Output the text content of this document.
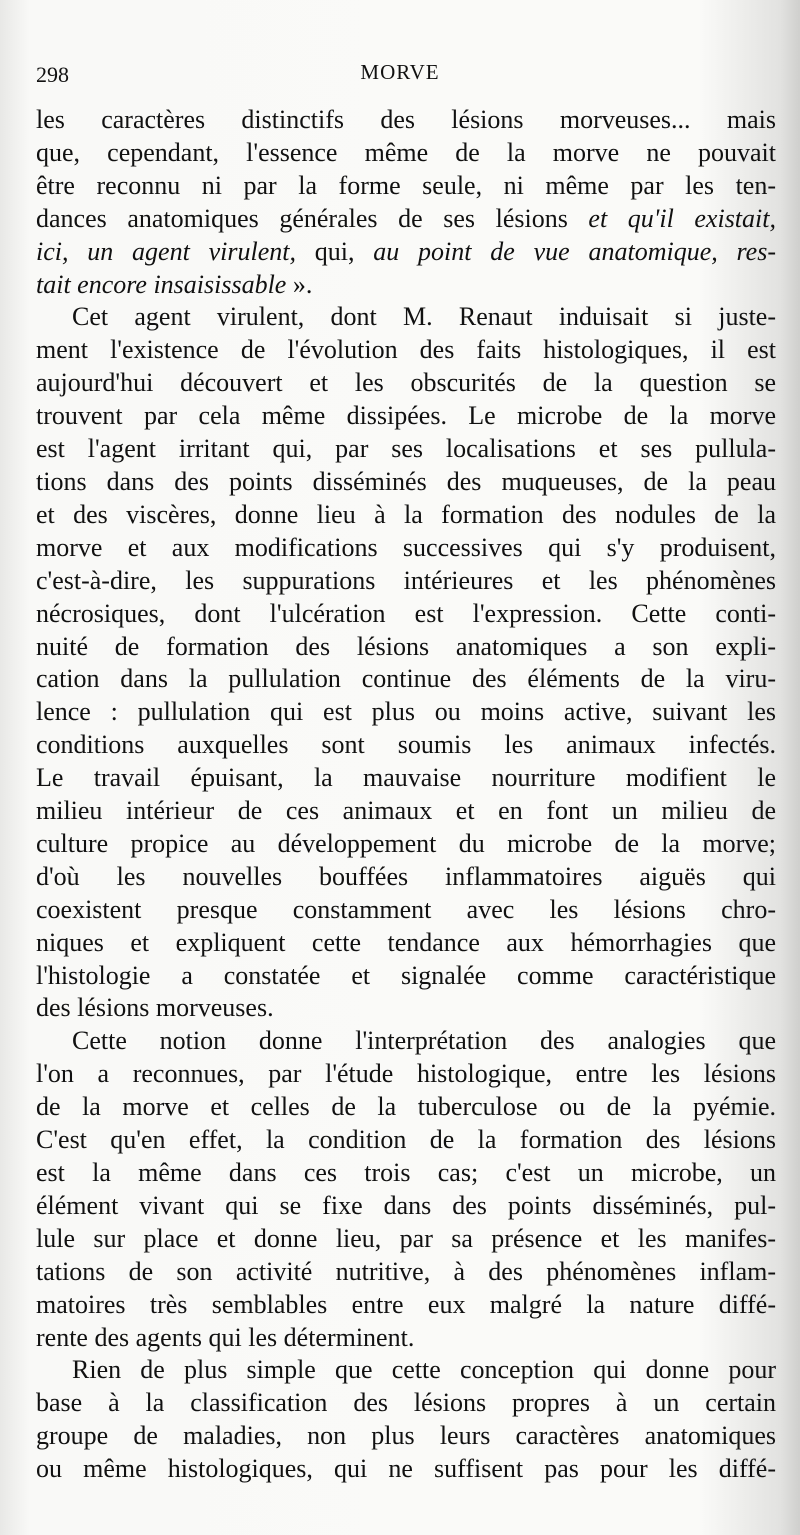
298	MORVE
les caractères distinctifs des lésions morveuses... mais
que, cependant, l'essence même de la morve ne pouvait
être reconnu ni par la forme seule, ni même par les ten-
dances anatomiques générales de ses lésions et qu'il existait,
ici, un agent virulent, qui, au point de vue anatomique, res-
tait encore insaisissable ».
Cet agent virulent, dont M. Renaut induisait si juste-
ment l'existence de l'évolution des faits histologiques, il est
aujourd'hui découvert et les obscurités de la question se
trouvent par cela même dissipées. Le microbe de la morve
est l'agent irritant qui, par ses localisations et ses pullula-
tions dans des points disséminés des muqueuses, de la peau
et des viscères, donne lieu à la formation des nodules de la
morve et aux modifications successives qui s'y produisent,
c'est-à-dire, les suppurations intérieures et les phénomènes
nécrosiques, dont l'ulcération est l'expression. Cette conti-
nuité de formation des lésions anatomiques a son expli-
cation dans la pullulation continue des éléments de la viru-
lence : pullulation qui est plus ou moins active, suivant les
conditions auxquelles sont soumis les animaux infectés.
Le travail épuisant, la mauvaise nourriture modifient le
milieu intérieur de ces animaux et en font un milieu de
culture propice au développement du microbe de la morve;
d'où les nouvelles bouffées inflammatoires aiguës qui
coexistent presque constamment avec les lésions chro-
niques et expliquent cette tendance aux hémorrhagies que
l'histologie a constatée et signalée comme caractéristique
des lésions morveuses.
Cette notion donne l'interprétation des analogies que
l'on a reconnues, par l'étude histologique, entre les lésions
de la morve et celles de la tuberculose ou de la pyémie.
C'est qu'en effet, la condition de la formation des lésions
est la même dans ces trois cas; c'est un microbe, un
élément vivant qui se fixe dans des points disséminés, pul-
lule sur place et donne lieu, par sa présence et les manifes-
tations de son activité nutritive, à des phénomènes inflam-
matoires très semblables entre eux malgré la nature diffé-
rente des agents qui les déterminent.
Rien de plus simple que cette conception qui donne pour
base à la classification des lésions propres à un certain
groupe de maladies, non plus leurs caractères anatomiques
ou même histologiques, qui ne suffisent pas pour les diffé-
